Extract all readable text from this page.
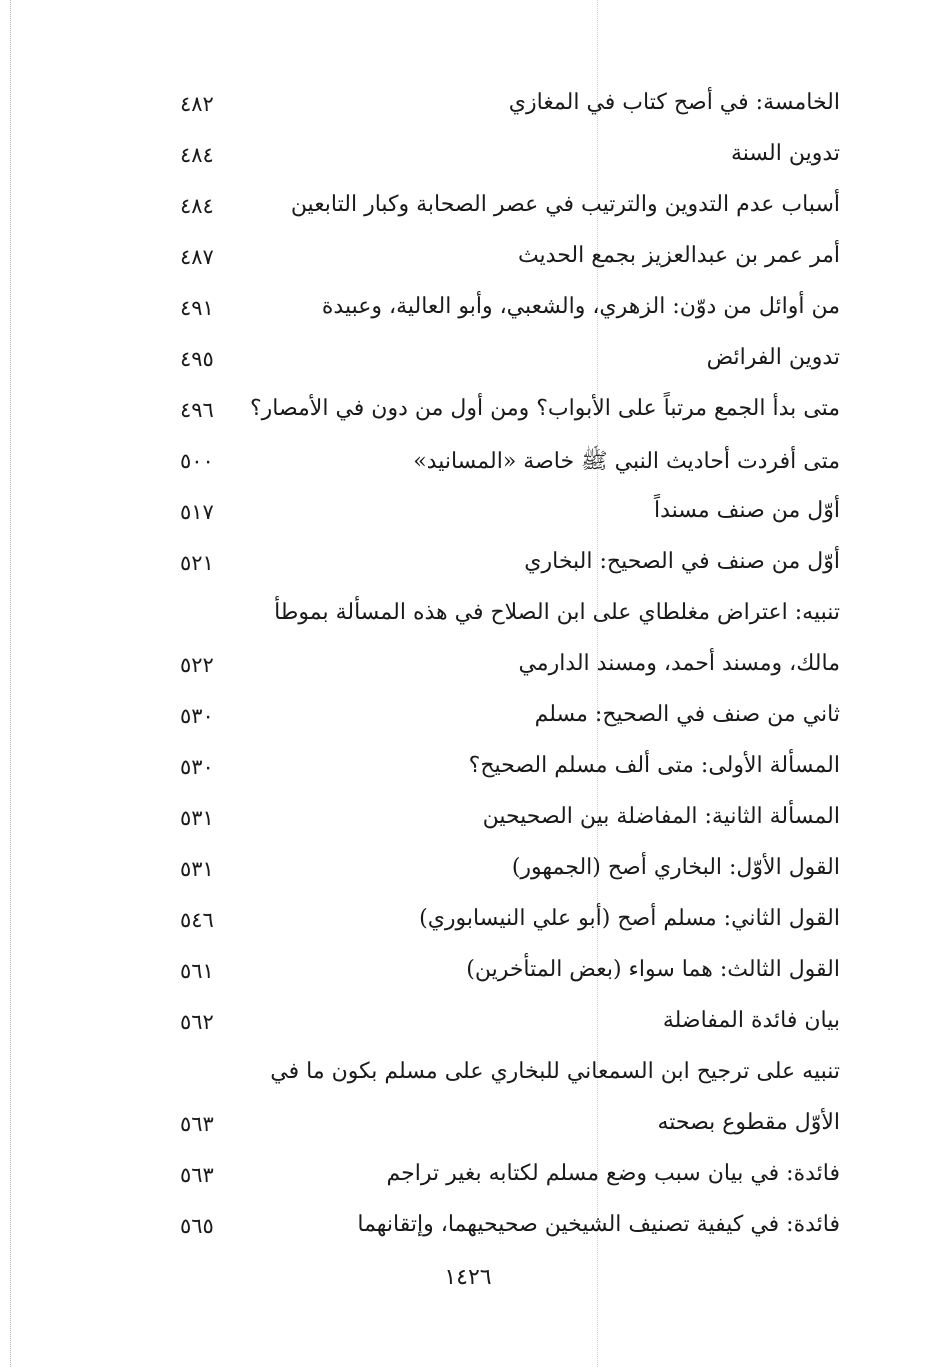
الخامسة: في أصح كتاب في المغازي
٤٨٢
تدوين السنة
٤٨٤
أسباب عدم التدوين والترتيب في عصر الصحابة وكبار التابعين
٤٨٤
أمر عمر بن عبدالعزيز بجمع الحديث
٤٨٧
من أوائل من دوّن: الزهري، والشعبي، وأبو العالية، وعبيدة
٤٩١
تدوين الفرائض
٤٩٥
متى بدأ الجمع مرتباً على الأبواب؟ ومن أول من دون في الأمصار؟
٤٩٦
متى أفردت أحاديث النبي ﷺ خاصة «المسانيد»
٥٠٠
أوّل من صنف مسنداً
٥١٧
أوّل من صنف في الصحيح: البخاري
٥٢١
تنبيه: اعتراض مغلطاي على ابن الصلاح في هذه المسألة بموطأ
مالك، ومسند أحمد، ومسند الدارمي
٥٢٢
ثاني من صنف في الصحيح: مسلم
٥٣٠
المسألة الأولى: متى ألف مسلم الصحيح؟
٥٣٠
المسألة الثانية: المفاضلة بين الصحيحين
٥٣١
القول الأوّل: البخاري أصح (الجمهور)
٥٣١
القول الثاني: مسلم أصح (أبو علي النيسابوري)
٥٤٦
القول الثالث: هما سواء (بعض المتأخرين)
٥٦١
بيان فائدة المفاضلة
٥٦٢
تنبيه على ترجيح ابن السمعاني للبخاري على مسلم بكون ما في
الأوّل مقطوع بصحته
٥٦٣
فائدة: في بيان سبب وضع مسلم لكتابه بغير تراجم
٥٦٣
فائدة: في كيفية تصنيف الشيخين صحيحيهما، وإتقانهما
٥٦٥
١٤٢٦
